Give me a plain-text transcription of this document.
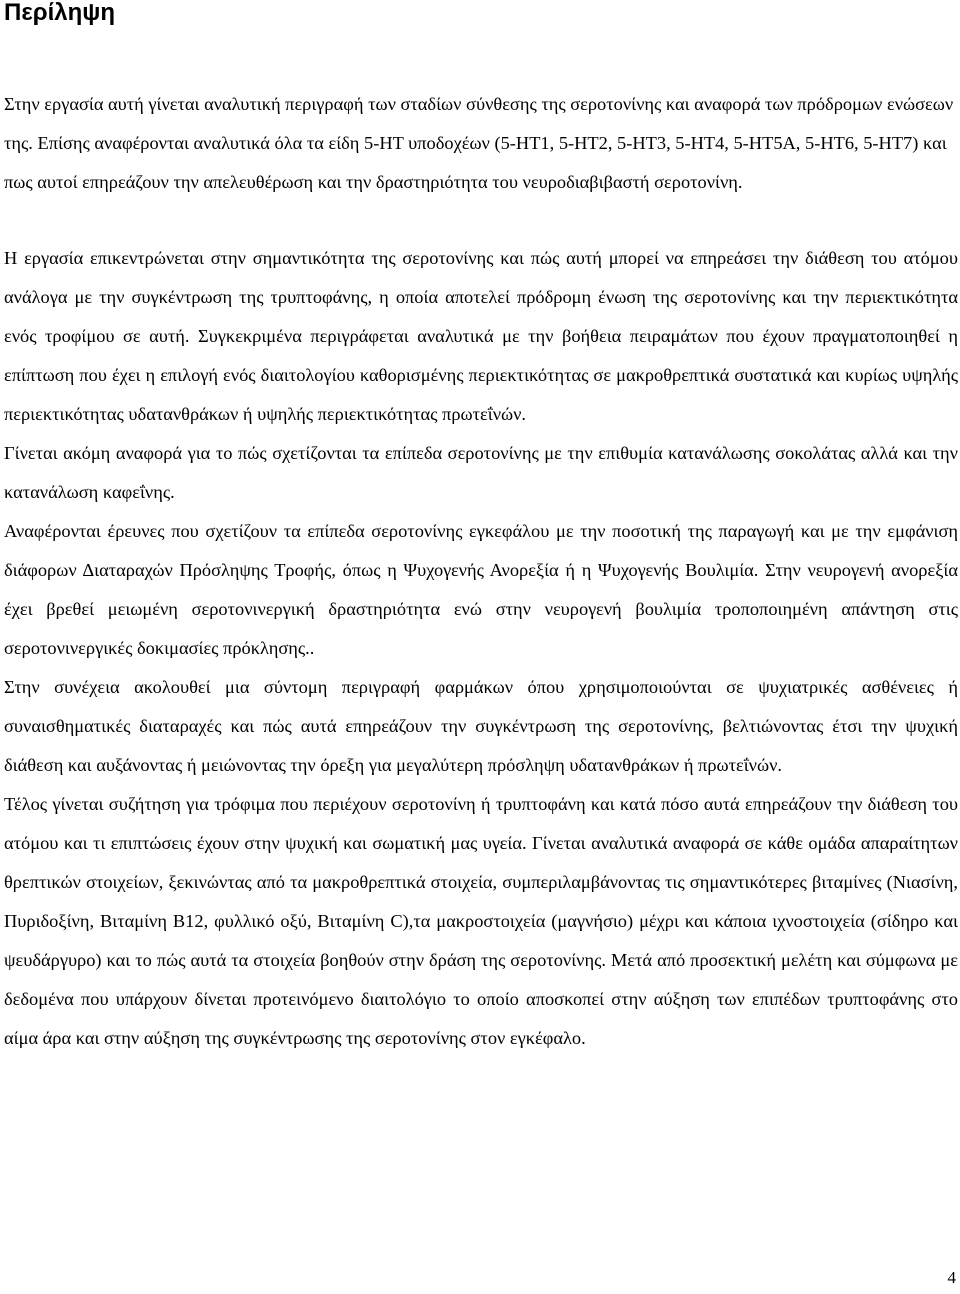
Περίληψη

Στην εργασία αυτή γίνεται αναλυτική περιγραφή των σταδίων σύνθεσης της σεροτονίνης και αναφορά των πρόδρομων ενώσεων της. Επίσης αναφέρονται αναλυτικά όλα τα είδη 5-HT υποδοχέων (5-HT1, 5-HT2, 5-HT3, 5-HT4, 5-HT5A, 5-HT6, 5-HT7) και πως αυτοί επηρεάζουν την απελευθέρωση και την δραστηριότητα του νευροδιαβιβαστή σεροτονίνη.

Η εργασία επικεντρώνεται στην σημαντικότητα της σεροτονίνης και πώς αυτή μπορεί να επηρεάσει την διάθεση του ατόμου ανάλογα με την συγκέντρωση της τρυπτοφάνης, η οποία αποτελεί πρόδρομη ένωση της σεροτονίνης και την περιεκτικότητα ενός τροφίμου σε αυτή. Συγκεκριμένα περιγράφεται αναλυτικά με την βοήθεια πειραμάτων που έχουν πραγματοποιηθεί η επίπτωση που έχει η επιλογή ενός διαιτολογίου καθορισμένης περιεκτικότητας σε μακροθρεπτικά συστατικά και κυρίως υψηλής περιεκτικότητας υδατανθράκων ή υψηλής περιεκτικότητας πρωτεΐνών.

Γίνεται ακόμη αναφορά για το πώς σχετίζονται τα επίπεδα σεροτονίνης με την επιθυμία κατανάλωσης σοκολάτας αλλά και την κατανάλωση καφεΐνης.

Αναφέρονται έρευνες που σχετίζουν τα επίπεδα σεροτονίνης εγκεφάλου με την ποσοτική της παραγωγή και με την εμφάνιση διάφορων Διαταραχών Πρόσληψης Τροφής, όπως η Ψυχογενής Ανορεξία ή η Ψυχογενής Βουλιμία. Στην νευρογενή ανορεξία έχει βρεθεί μειωμένη σεροτονινεργική δραστηριότητα ενώ στην νευρογενή βουλιμία τροποποιημένη απάντηση στις σεροτονινεργικές δοκιμασίες πρόκλησης..

Στην συνέχεια ακολουθεί μια σύντομη περιγραφή φαρμάκων όπου χρησιμοποιούνται σε ψυχιατρικές ασθένειες ή συναισθηματικές διαταραχές και πώς αυτά επηρεάζουν την συγκέντρωση της σεροτονίνης, βελτιώνοντας έτσι την ψυχική διάθεση και αυξάνοντας ή μειώνοντας την όρεξη για μεγαλύτερη πρόσληψη υδατανθράκων ή πρωτεΐνών.

Τέλος γίνεται συζήτηση για τρόφιμα που περιέχουν σεροτονίνη ή τρυπτοφάνη και κατά πόσο αυτά επηρεάζουν την διάθεση του ατόμου και τι επιπτώσεις έχουν στην ψυχική και σωματική μας υγεία. Γίνεται αναλυτικά αναφορά σε κάθε ομάδα απαραίτητων θρεπτικών στοιχείων, ξεκινώντας από τα μακροθρεπτικά στοιχεία, συμπεριλαμβάνοντας τις σημαντικότερες βιταμίνες (Νιασίνη, Πυριδοξίνη, Βιταμίνη Β12, φυλλικό οξύ, Βιταμίνη C),τα μακροστοιχεία (μαγνήσιο) μέχρι και κάποια ιχνοστοιχεία (σίδηρο και ψευδάργυρο) και το πώς αυτά τα στοιχεία βοηθούν στην δράση της σεροτονίνης. Μετά από προσεκτική μελέτη και σύμφωνα με δεδομένα που υπάρχουν δίνεται προτεινόμενο διαιτολόγιο το οποίο αποσκοπεί στην αύξηση των επιπέδων τρυπτοφάνης στο αίμα άρα και στην αύξηση της συγκέντρωσης της σεροτονίνης στον εγκέφαλο.

4
